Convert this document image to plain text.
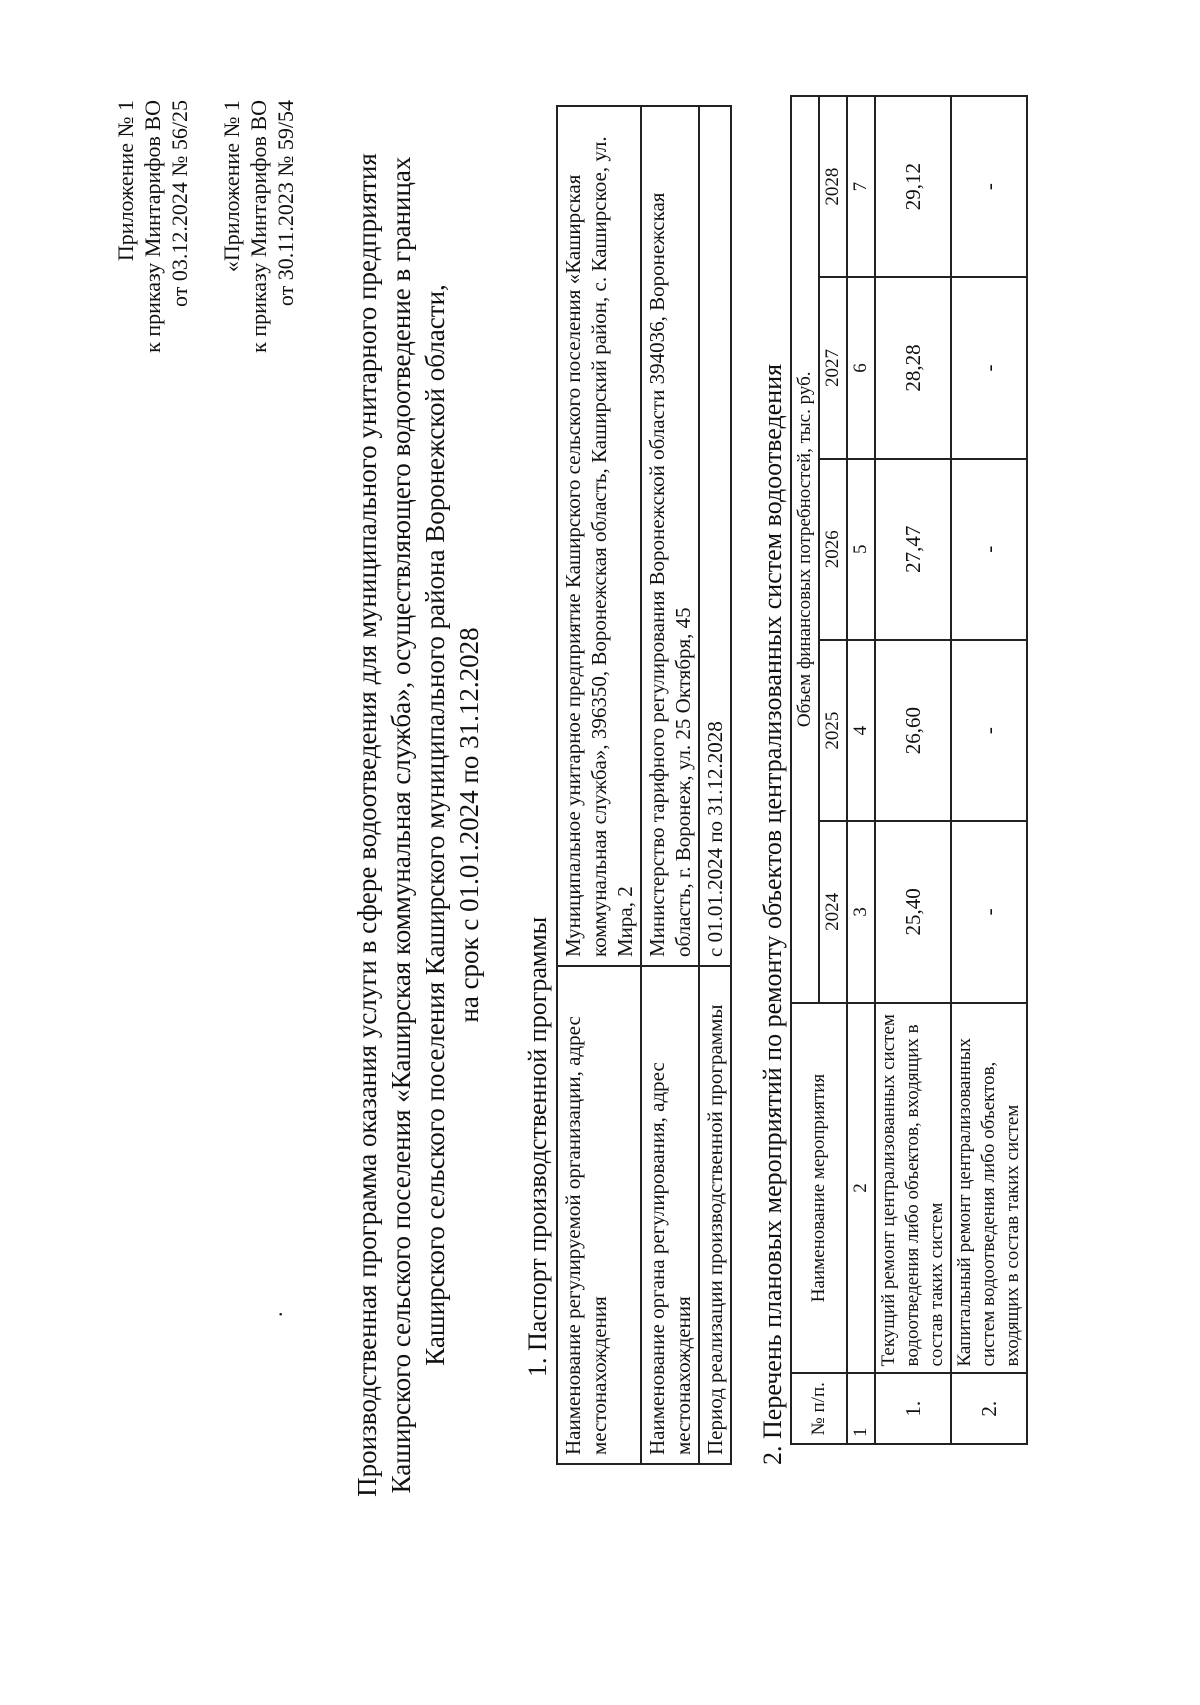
Приложение № 1 к приказу Минтарифов ВО от 03.12.2024 № 56/25 «Приложение № 1 к приказу Минтарифов ВО от 30.11.2023 № 59/54
. Производственная программа оказания услуги в сфере водоотведения для муниципального унитарного предприятия Каширского сельского поселения «Каширская коммунальная служба», осуществляющего водоотведение в границах Каширского сельского поселения Каширского муниципального района Воронежской области, на срок с 01.01.2024 по 31.12.2028
1. Паспорт производственной программы Наименование регулируемой организации, адрес местонахождения	Муниципальное унитарное предприятие Каширского сельского поселения «Каширская коммунальная служба», 396350, Воронежская область, Каширский район, с. Каширское, ул. Мира, 2
Наименование органа регулирования, адрес местонахождения	Министерство тарифного регулирования Воронежской области 394036, Воронежская область, г. Воронеж, ул. 25 Октября, 45
Период реализации производственной программы	с 01.01.2024 по 31.12.2028 2. Перечень плановых мероприятий по ремонту объектов централизованных систем водоотведения № п/п.	Наименование мероприятия	Объем финансовых потребностей, тыс. руб.				
		2024	2025	2026	2027	2028
1	2	3	4	5	6	7
1.	Текущий ремонт централизованных систем водоотведения либо объектов, входящих в состав таких систем	25,40	26,60	27,47	28,28	29,12
2.	Капитальный ремонт централизованных систем водоотведения либо объектов, входящих в состав таких систем	-	-	-	-	-
